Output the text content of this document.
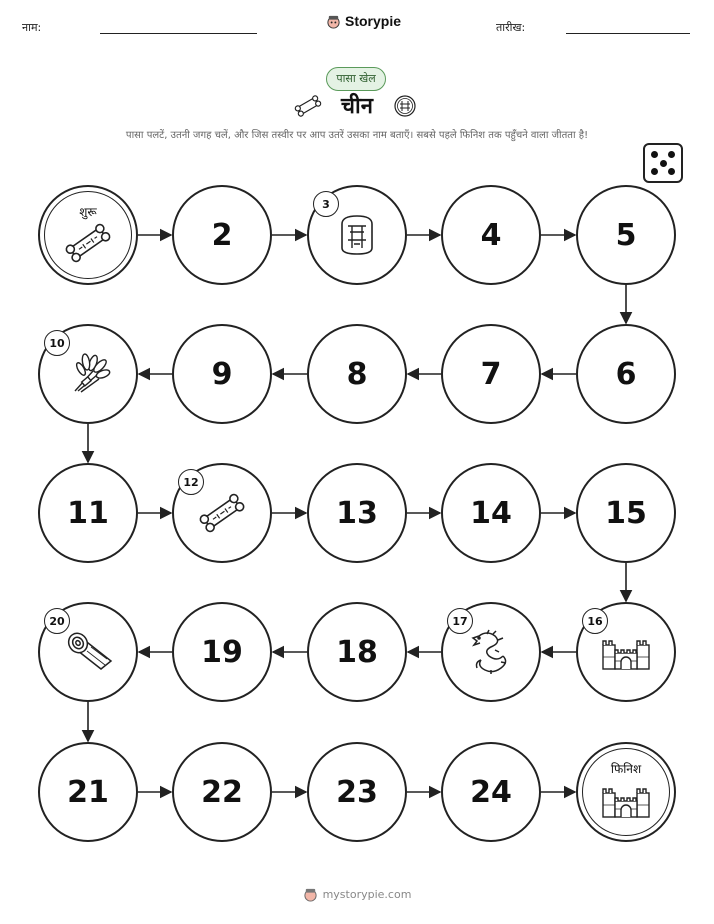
नाम:	Storypie	तारीख:
पासा खेल
चीन
पासा पलटें, उतनी जगह चलें, और जिस तस्वीर पर आप उतरें उसका नाम बताएँ। सबसे पहले फिनिश तक पहुँचने वाला जीतता है!
शुरू
2
3
4	5
6
7
8
9
10
11
12
13	14	15
16
17
18
19
20
21	22	23	24
फिनिश
mystorypie.com
